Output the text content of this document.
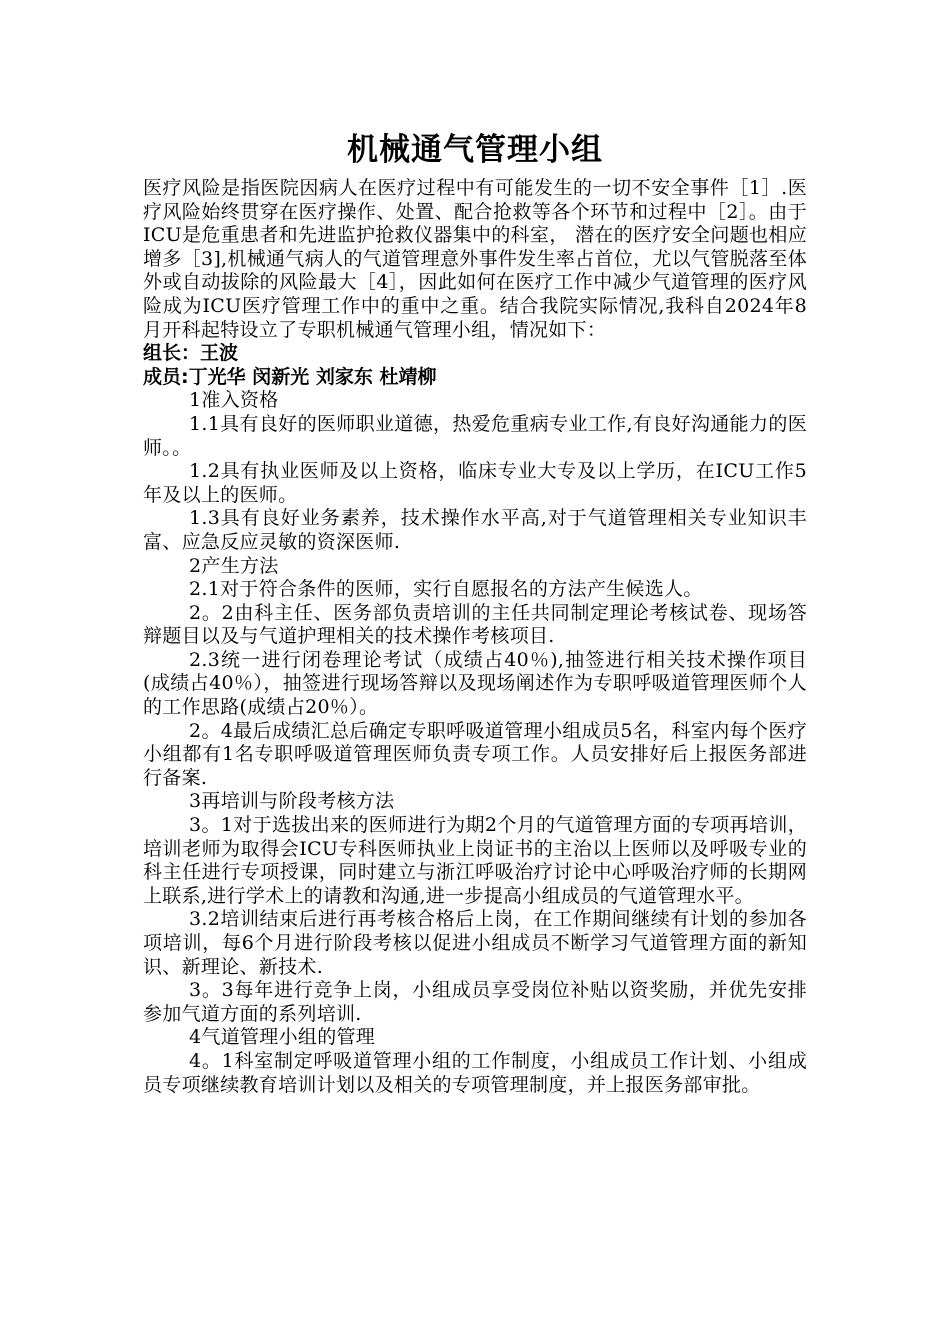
机械通气管理小组

医疗风险是指医院因病人在医疗过程中有可能发生的一切不安全事件［1］.医疗风险始终贯穿在医疗操作、处置、配合抢救等各个环节和过程中［2］。由于ICU是危重患者和先进监护抢救仪器集中的科室， 潜在的医疗安全问题也相应增多［3],机械通气病人的气道管理意外事件发生率占首位，尤以气管脱落至体外或自动拔除的风险最大［4］，因此如何在医疗工作中减少气道管理的医疗风险成为ICU医疗管理工作中的重中之重。结合我院实际情况,我科自2024年8月开科起特设立了专职机械通气管理小组，情况如下：

组长：王波

成员:丁光华 闵新光 刘家东 杜靖柳

1准入资格

1.1具有良好的医师职业道德，热爱危重病专业工作,有良好沟通能力的医师。。

1.2具有执业医师及以上资格，临床专业大专及以上学历，在ICU工作5年及以上的医师。

1.3具有良好业务素养，技术操作水平高,对于气道管理相关专业知识丰富、应急反应灵敏的资深医师.

2产生方法

2.1对于符合条件的医师，实行自愿报名的方法产生候选人。

2。2由科主任、医务部负责培训的主任共同制定理论考核试卷、现场答辩题目以及与气道护理相关的技术操作考核项目.

2.3统一进行闭卷理论考试（成绩占40％),抽签进行相关技术操作项目(成绩占40％），抽签进行现场答辩以及现场阐述作为专职呼吸道管理医师个人的工作思路(成绩占20％）。

2。4最后成绩汇总后确定专职呼吸道管理小组成员5名，科室内每个医疗小组都有1名专职呼吸道管理医师负责专项工作。人员安排好后上报医务部进行备案.

3再培训与阶段考核方法

3。1对于选拔出来的医师进行为期2个月的气道管理方面的专项再培训，培训老师为取得会ICU专科医师执业上岗证书的主治以上医师以及呼吸专业的科主任进行专项授课，同时建立与浙江呼吸治疗讨论中心呼吸治疗师的长期网上联系,进行学术上的请教和沟通,进一步提高小组成员的气道管理水平。

3.2培训结束后进行再考核合格后上岗，在工作期间继续有计划的参加各项培训，每6个月进行阶段考核以促进小组成员不断学习气道管理方面的新知识、新理论、新技术.

3。3每年进行竞争上岗，小组成员享受岗位补贴以资奖励，并优先安排参加气道方面的系列培训.

4气道管理小组的管理

4。1科室制定呼吸道管理小组的工作制度，小组成员工作计划、小组成员专项继续教育培训计划以及相关的专项管理制度，并上报医务部审批。
